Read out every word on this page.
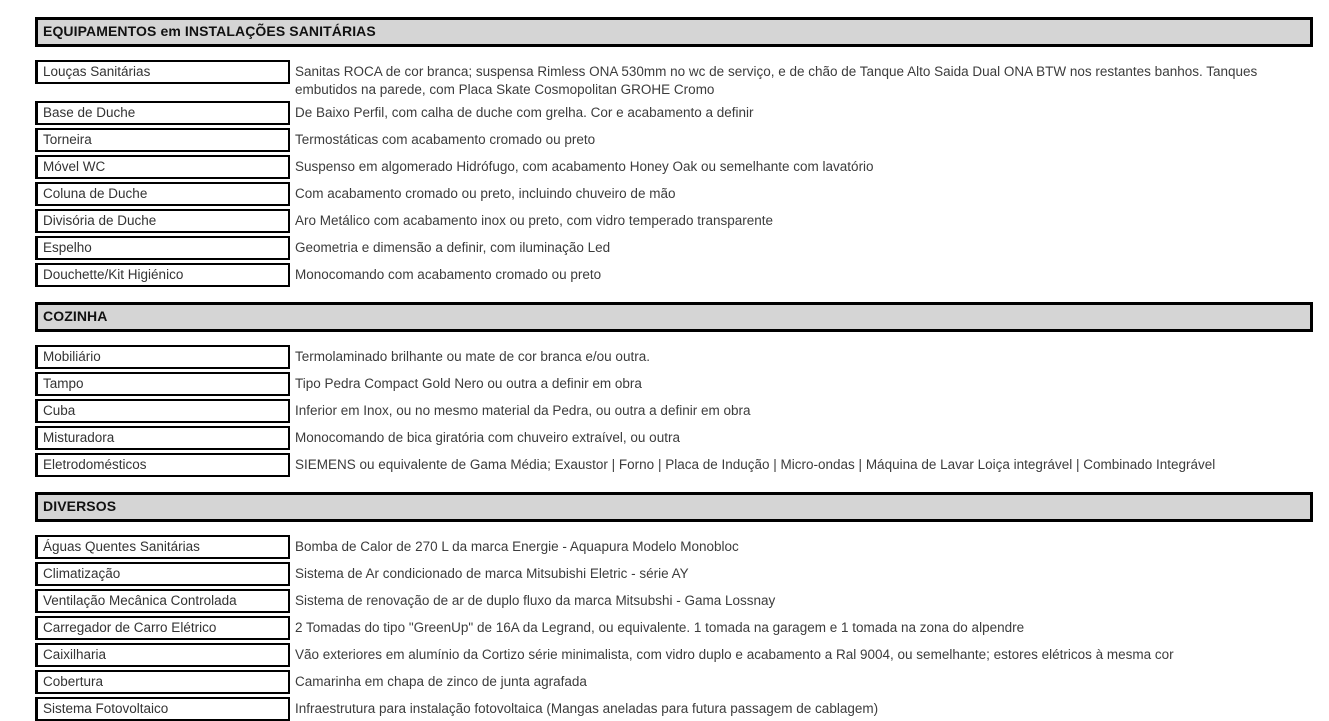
EQUIPAMENTOS em INSTALAÇÕES SANITÁRIAS
Louças Sanitárias	Sanitas ROCA de cor branca; suspensa Rimless ONA 530mm no wc de serviço, e de chão de Tanque Alto Saida Dual ONA BTW nos restantes banhos. Tanques embutidos na parede, com Placa Skate Cosmopolitan GROHE Cromo
Base de Duche	De Baixo Perfil, com calha de duche com grelha. Cor e acabamento a definir
Torneira	Termostáticas com acabamento cromado ou preto
Móvel WC	Suspenso em algomerado Hidrófugo, com acabamento Honey Oak ou semelhante com lavatório
Coluna de Duche	Com acabamento cromado ou preto, incluindo chuveiro de mão
Divisória de Duche	Aro Metálico com acabamento inox ou preto, com vidro temperado transparente
Espelho	Geometria e dimensão a definir, com iluminação Led
Douchette/Kit Higiénico	Monocomando com acabamento cromado ou preto
COZINHA
Mobiliário	Termolaminado brilhante ou mate de cor branca e/ou outra.
Tampo	Tipo Pedra Compact Gold Nero ou outra a definir em obra
Cuba	Inferior em Inox, ou no mesmo material da Pedra, ou outra a definir em obra
Misturadora	Monocomando de bica giratória com chuveiro extraível, ou outra
Eletrodomésticos	SIEMENS ou equivalente de Gama Média; Exaustor | Forno | Placa de Indução | Micro-ondas | Máquina de Lavar Loiça integrável | Combinado Integrável
DIVERSOS
Águas Quentes Sanitárias	Bomba de Calor de 270 L da marca Energie - Aquapura Modelo Monobloc
Climatização	Sistema de Ar condicionado de marca Mitsubishi Eletric - série AY
Ventilação Mecânica Controlada	Sistema de renovação de ar de duplo fluxo da marca Mitsubshi - Gama Lossnay
Carregador de Carro Elétrico	2 Tomadas do tipo "GreenUp" de 16A da Legrand, ou equivalente. 1 tomada na garagem e 1 tomada na zona do alpendre
Caixilharia	Vão exteriores em alumínio da Cortizo série minimalista, com vidro duplo e acabamento a Ral 9004, ou semelhante; estores elétricos à mesma cor
Cobertura	Camarinha em chapa de zinco de junta agrafada
Sistema Fotovoltaico	Infraestrutura para instalação fotovoltaica (Mangas aneladas para futura passagem de cablagem)
